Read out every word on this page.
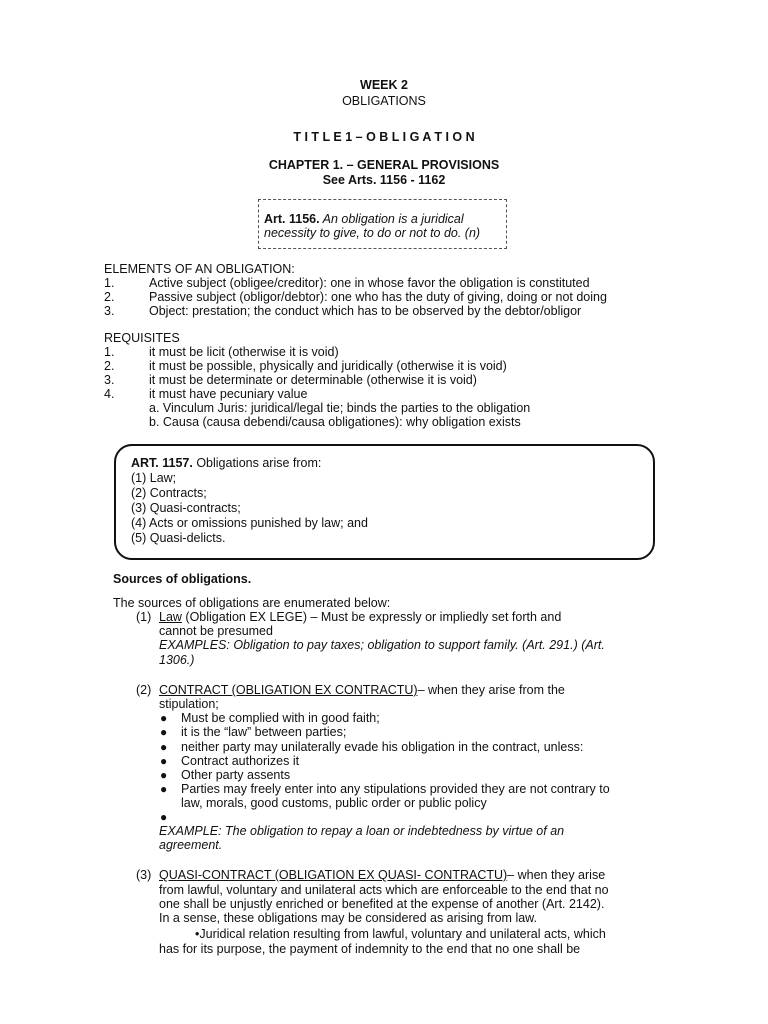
WEEK 2
OBLIGATIONS
T I T L E 1 – O B L I G A T I O N
CHAPTER 1. – GENERAL PROVISIONS
See Arts. 1156 - 1162
Art. 1156. An obligation is a juridical
necessity to give, to do or not to do. (n)
ELEMENTS OF AN OBLIGATION:
1.	Active subject (obligee/creditor): one in whose favor the obligation is constituted
2.	Passive subject (obligor/debtor): one who has the duty of giving, doing or not doing
3.	Object: prestation; the conduct which has to be observed by the debtor/obligor
REQUISITES
1.	it must be licit (otherwise it is void)
2.	it must be possible, physically and juridically (otherwise it is void)
3.	it must be determinate or determinable (otherwise it is void)
4.	it must have pecuniary value
a. Vinculum Juris: juridical/legal tie; binds the parties to the obligation
b. Causa (causa debendi/causa obligationes): why obligation exists
ART. 1157. Obligations arise from:
(1) Law;
(2) Contracts;
(3) Quasi-contracts;
(4) Acts or omissions punished by law; and
(5) Quasi-delicts.
Sources of obligations.
The sources of obligations are enumerated below:
(1) Law (Obligation EX LEGE) – Must be expressly or impliedly set forth and
cannot be presumed
EXAMPLES: Obligation to pay taxes; obligation to support family. (Art. 291.) (Art.
1306.)
(2) CONTRACT (OBLIGATION EX CONTRACTU)– when they arise from the
stipulation;
● Must be complied with in good faith;
● it is the “law” between parties;
● neither party may unilaterally evade his obligation in the contract, unless:
● Contract authorizes it
● Other party assents
● Parties may freely enter into any stipulations provided they are not contrary to
law, morals, good customs, public order or public policy
●
EXAMPLE: The obligation to repay a loan or indebtedness by virtue of an
agreement.
(3) QUASI-CONTRACT (OBLIGATION EX QUASI- CONTRACTU)– when they arise
from lawful, voluntary and unilateral acts which are enforceable to the end that no
one shall be unjustly enriched or benefited at the expense of another (Art. 2142).
In a sense, these obligations may be considered as arising from law.
•Juridical relation resulting from lawful, voluntary and unilateral acts, which
has for its purpose, the payment of indemnity to the end that no one shall be
